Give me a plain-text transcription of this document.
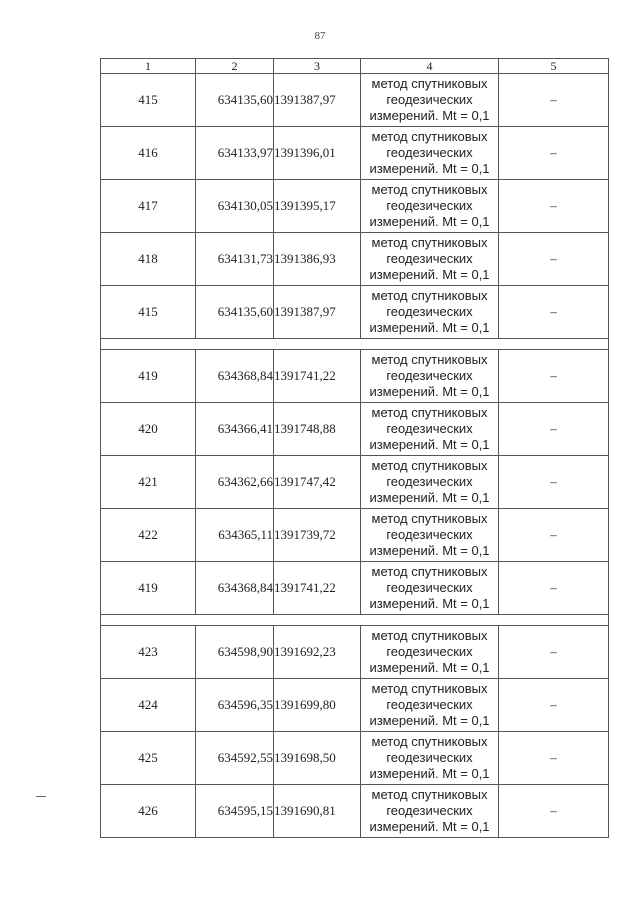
87
1	2	3	4	5
415	634135,60	1391387,97	метод спутниковых
геодезических
измерений. Mt = 0,1	–
416	634133,97	1391396,01	метод спутниковых
геодезических
измерений. Mt = 0,1	–
417	634130,05	1391395,17	метод спутниковых
геодезических
измерений. Mt = 0,1	–
418	634131,73	1391386,93	метод спутниковых
геодезических
измерений. Mt = 0,1	–
415	634135,60	1391387,97	метод спутниковых
геодезических
измерений. Mt = 0,1	–

419	634368,84	1391741,22	метод спутниковых
геодезических
измерений. Mt = 0,1	–
420	634366,41	1391748,88	метод спутниковых
геодезических
измерений. Mt = 0,1	–
421	634362,66	1391747,42	метод спутниковых
геодезических
измерений. Mt = 0,1	–
422	634365,11	1391739,72	метод спутниковых
геодезических
измерений. Mt = 0,1	–
419	634368,84	1391741,22	метод спутниковых
геодезических
измерений. Mt = 0,1	–

423	634598,90	1391692,23	метод спутниковых
геодезических
измерений. Mt = 0,1	–
424	634596,35	1391699,80	метод спутниковых
геодезических
измерений. Mt = 0,1	–
425	634592,55	1391698,50	метод спутниковых
геодезических
измерений. Mt = 0,1	–
426	634595,15	1391690,81	метод спутниковых
геодезических
измерений. Mt = 0,1	–
